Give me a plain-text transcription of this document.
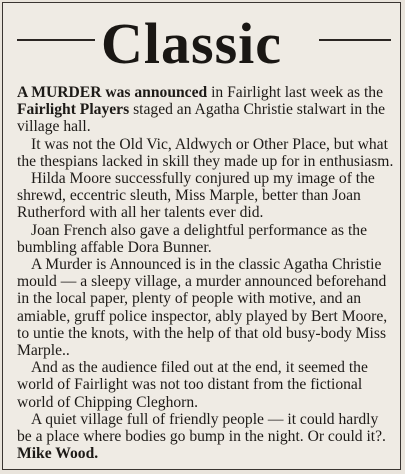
Classic

A MURDER was announced in Fairlight last week as the Fairlight Players staged an Agatha Christie stalwart in the village hall.

It was not the Old Vic, Aldwych or Other Place, but what the thespians lacked in skill they made up for in enthusiasm.

Hilda Moore successfully conjured up my image of the shrewd, eccentric sleuth, Miss Marple, better than Joan Rutherford with all her talents ever did.

Joan French also gave a delightful performance as the bumbling affable Dora Bunner.

A Murder is Announced is in the classic Agatha Christie mould — a sleepy village, a murder announced beforehand in the local paper, plenty of people with motive, and an amiable, gruff police inspector, ably played by Bert Moore, to untie the knots, with the help of that old busy-body Miss Marple..

And as the audience filed out at the end, it seemed the world of Fairlight was not too distant from the fictional world of Chipping Cleghorn.

A quiet village full of friendly people — it could hardly be a place where bodies go bump in the night. Or could it?. Mike Wood.
